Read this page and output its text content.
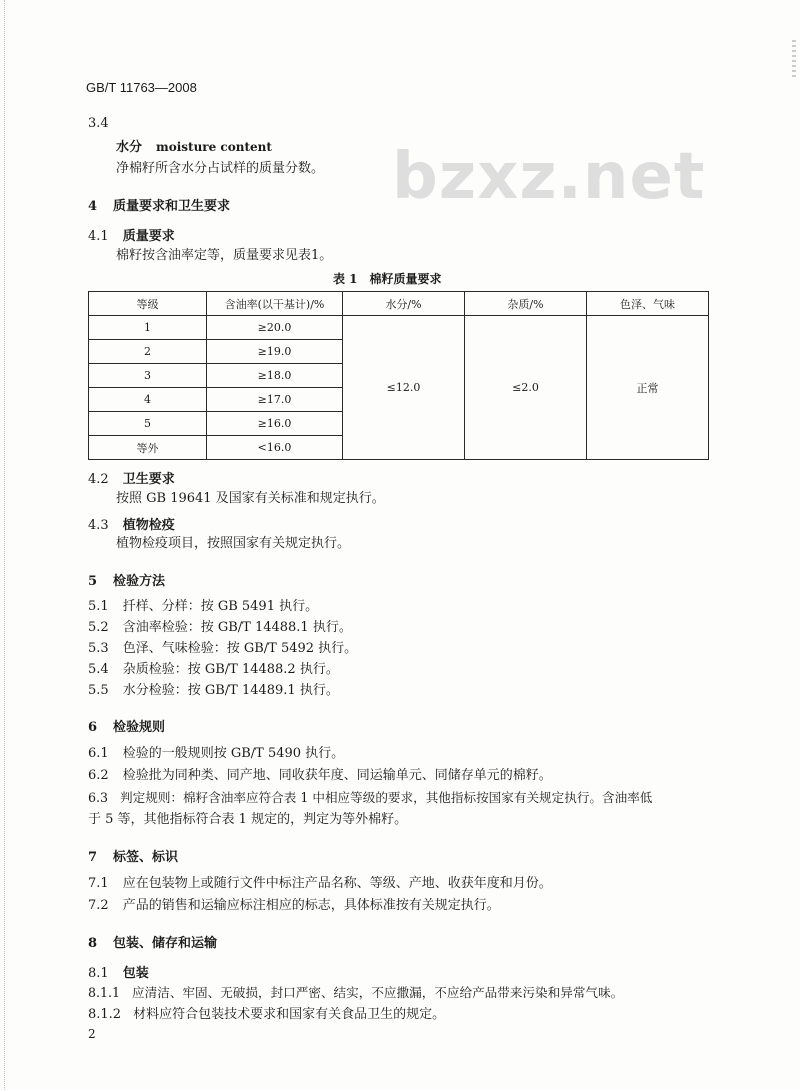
GB/T 11763—2008
bzxz.net
3.4
水分 moisture content
净棉籽所含水分占试样的质量分数。
4 质量要求和卫生要求
4.1 质量要求
棉籽按含油率定等，质量要求见表1。
表 1　棉籽质量要求
等级	含油率(以干基计)/%	水分/%	杂质/%	色泽、气味
1	≥20.0	≤12.0	≤2.0	正常
2	≥19.0			
3	≥18.0			
4	≥17.0			
5	≥16.0			
等外	<16.0			
4.2 卫生要求
按照 GB 19641 及国家有关标准和规定执行。
4.3 植物检疫
植物检疫项目，按照国家有关规定执行。
5 检验方法
5.1 扦样、分样：按 GB 5491 执行。
5.2 含油率检验：按 GB/T 14488.1 执行。
5.3 色泽、气味检验：按 GB/T 5492 执行。
5.4 杂质检验：按 GB/T 14488.2 执行。
5.5 水分检验：按 GB/T 14489.1 执行。
6 检验规则
6.1 检验的一般规则按 GB/T 5490 执行。
6.2 检验批为同种类、同产地、同收获年度、同运输单元、同储存单元的棉籽。
6.3 判定规则：棉籽含油率应符合表 1 中相应等级的要求，其他指标按国家有关规定执行。含油率低
于 5 等，其他指标符合表 1 规定的，判定为等外棉籽。
7 标签、标识
7.1 应在包装物上或随行文件中标注产品名称、等级、产地、收获年度和月份。
7.2 产品的销售和运输应标注相应的标志，具体标准按有关规定执行。
8 包装、储存和运输
8.1 包装
8.1.1 应清洁、牢固、无破损，封口严密、结实，不应撒漏，不应给产品带来污染和异常气味。
8.1.2 材料应符合包装技术要求和国家有关食品卫生的规定。
2
